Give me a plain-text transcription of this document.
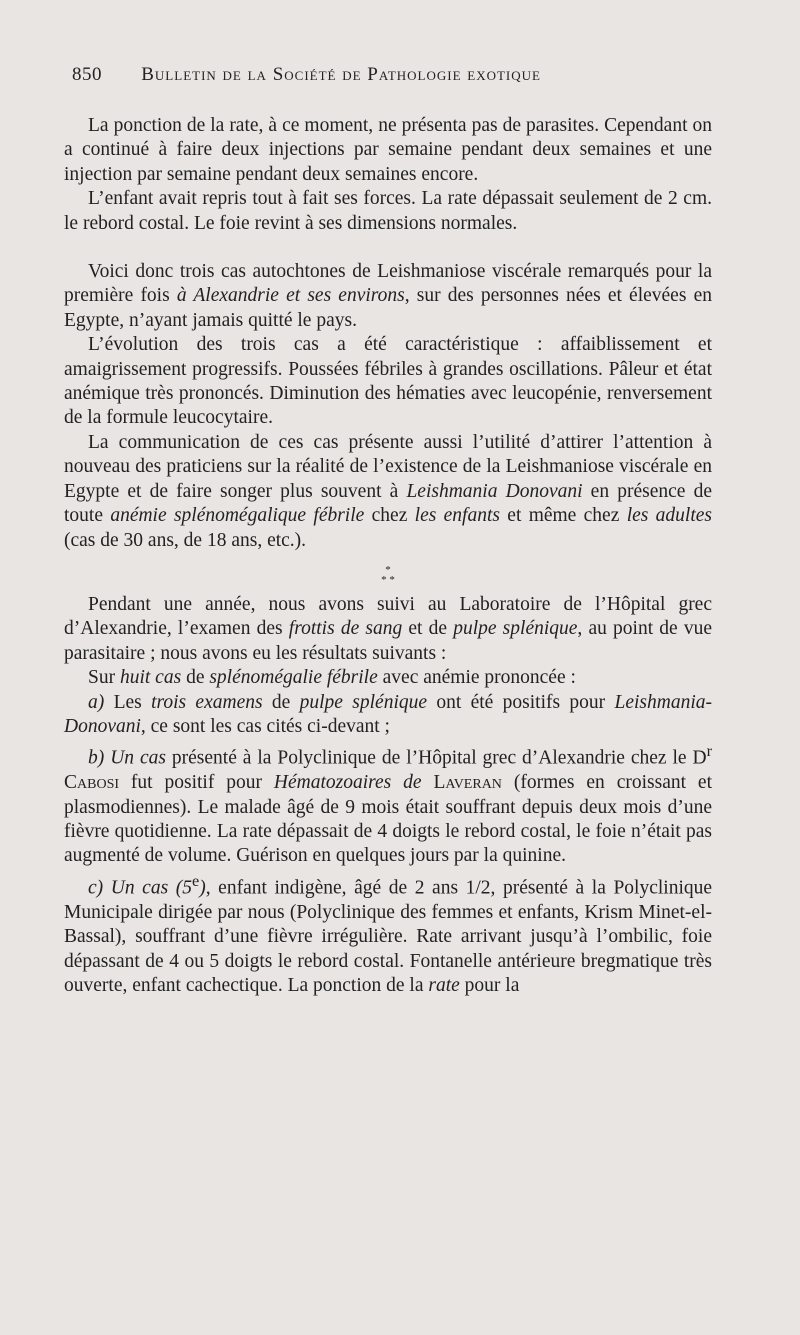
850 Bulletin de la Société de Pathologie exotique

La ponction de la rate, à ce moment, ne présenta pas de parasites. Cependant on a continué à faire deux injections par semaine pendant deux semaines et une injection par semaine pendant deux semaines encore.

L’enfant avait repris tout à fait ses forces. La rate dépassait seulement de 2 cm. le rebord costal. Le foie revint à ses dimensions normales.

Voici donc trois cas autochtones de Leishmaniose viscérale remarqués pour la première fois à Alexandrie et ses environs, sur des personnes nées et élevées en Egypte, n’ayant jamais quitté le pays.

L’évolution des trois cas a été caractéristique : affaiblissement et amaigrissement progressifs. Poussées fébriles à grandes oscillations. Pâleur et état anémique très prononcés. Diminution des hématies avec leucopénie, renversement de la formule leucocytaire.

La communication de ces cas présente aussi l’utilité d’attirer l’attention à nouveau des praticiens sur la réalité de l’existence de la Leishmaniose viscérale en Egypte et de faire songer plus souvent à Leishmania Donovani en présence de toute anémie splénomégalique fébrile chez les enfants et même chez les adultes (cas de 30 ans, de 18 ans, etc.).

*
* *

Pendant une année, nous avons suivi au Laboratoire de l’Hôpital grec d’Alexandrie, l’examen des frottis de sang et de pulpe splénique, au point de vue parasitaire ; nous avons eu les résultats suivants :

Sur huit cas de splénomégalie fébrile avec anémie prononcée :

a) Les trois examens de pulpe splénique ont été positifs pour Leishmania-Donovani, ce sont les cas cités ci-devant ;

b) Un cas présenté à la Polyclinique de l’Hôpital grec d’Alexandrie chez le $D^r$ Cabosi fut positif pour Hématozoaires de Laveran (formes en croissant et plasmodiennes). Le malade âgé de 9 mois était souffrant depuis deux mois d’une fièvre quotidienne. La rate dépassait de 4 doigts le rebord costal, le foie n’était pas augmenté de volume. Guérison en quelques jours par la quinine.

c) Un cas (5e), enfant indigène, âgé de 2 ans 1/2, présenté à la Polyclinique Municipale dirigée par nous (Polyclinique des femmes et enfants, Krism Minet-el-Bassal), souffrant d’une fièvre irrégulière. Rate arrivant jusqu’à l’ombilic, foie dépassant de 4 ou 5 doigts le rebord costal. Fontanelle antérieure bregmatique très ouverte, enfant cachectique. La ponction de la rate pour la
